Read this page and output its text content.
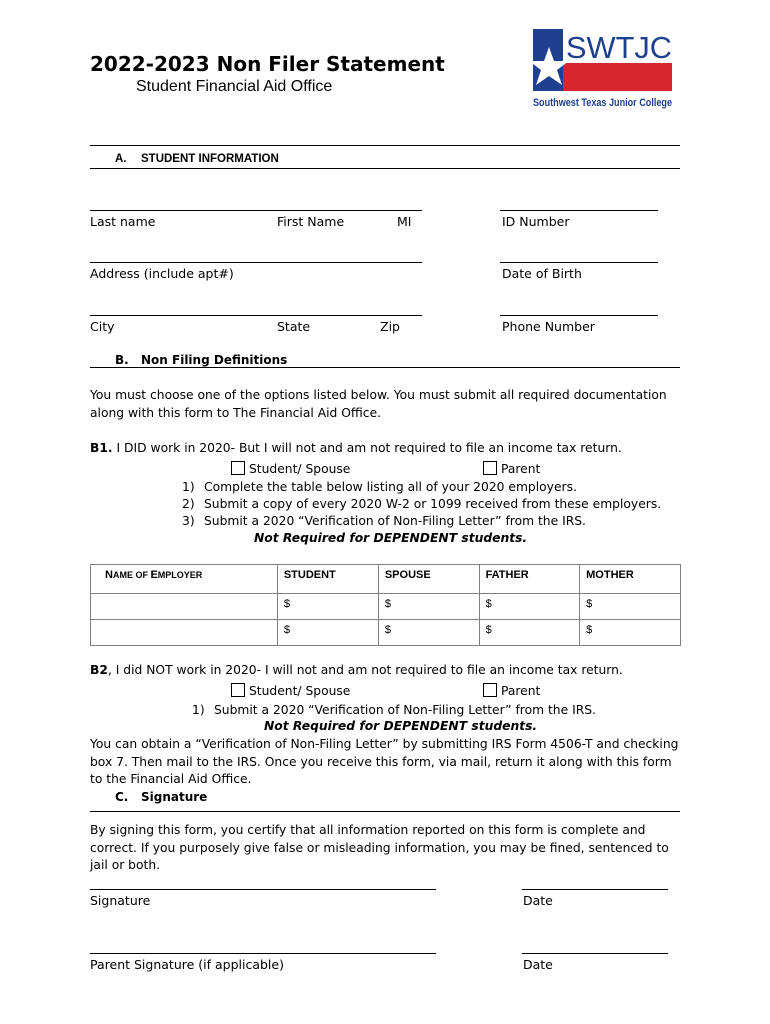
2022-2023 Non Filer Statement
Student Financial Aid Office
SWTJC
Southwest Texas Junior College
A. STUDENT INFORMATION
Last name	First Name	MI	ID Number
Address (include apt#)	Date of Birth
City	State	Zip	Phone Number
B. Non Filing Definitions
You must choose one of the options listed below. You must submit all required documentation along with this form to The Financial Aid Office.
B1. I DID work in 2020- But I will not and am not required to file an income tax return.
Student/ Spouse	Parent
1) Complete the table below listing all of your 2020 employers.
2) Submit a copy of every 2020 W-2 or 1099 received from these employers.
3) Submit a 2020 “Verification of Non-Filing Letter” from the IRS.
Not Required for DEPENDENT students.
NAME OF EMPLOYER	STUDENT	SPOUSE	FATHER	MOTHER
	$	$	$	$
	$	$	$	$
B2, I did NOT work in 2020- I will not and am not required to file an income tax return.
Student/ Spouse	Parent
1) Submit a 2020 “Verification of Non-Filing Letter” from the IRS.
Not Required for DEPENDENT students.
You can obtain a “Verification of Non-Filing Letter” by submitting IRS Form 4506-T and checking box 7. Then mail to the IRS. Once you receive this form, via mail, return it along with this form to the Financial Aid Office.
C. Signature
By signing this form, you certify that all information reported on this form is complete and correct. If you purposely give false or misleading information, you may be fined, sentenced to jail or both.
Signature	Date
Parent Signature (if applicable)	Date
